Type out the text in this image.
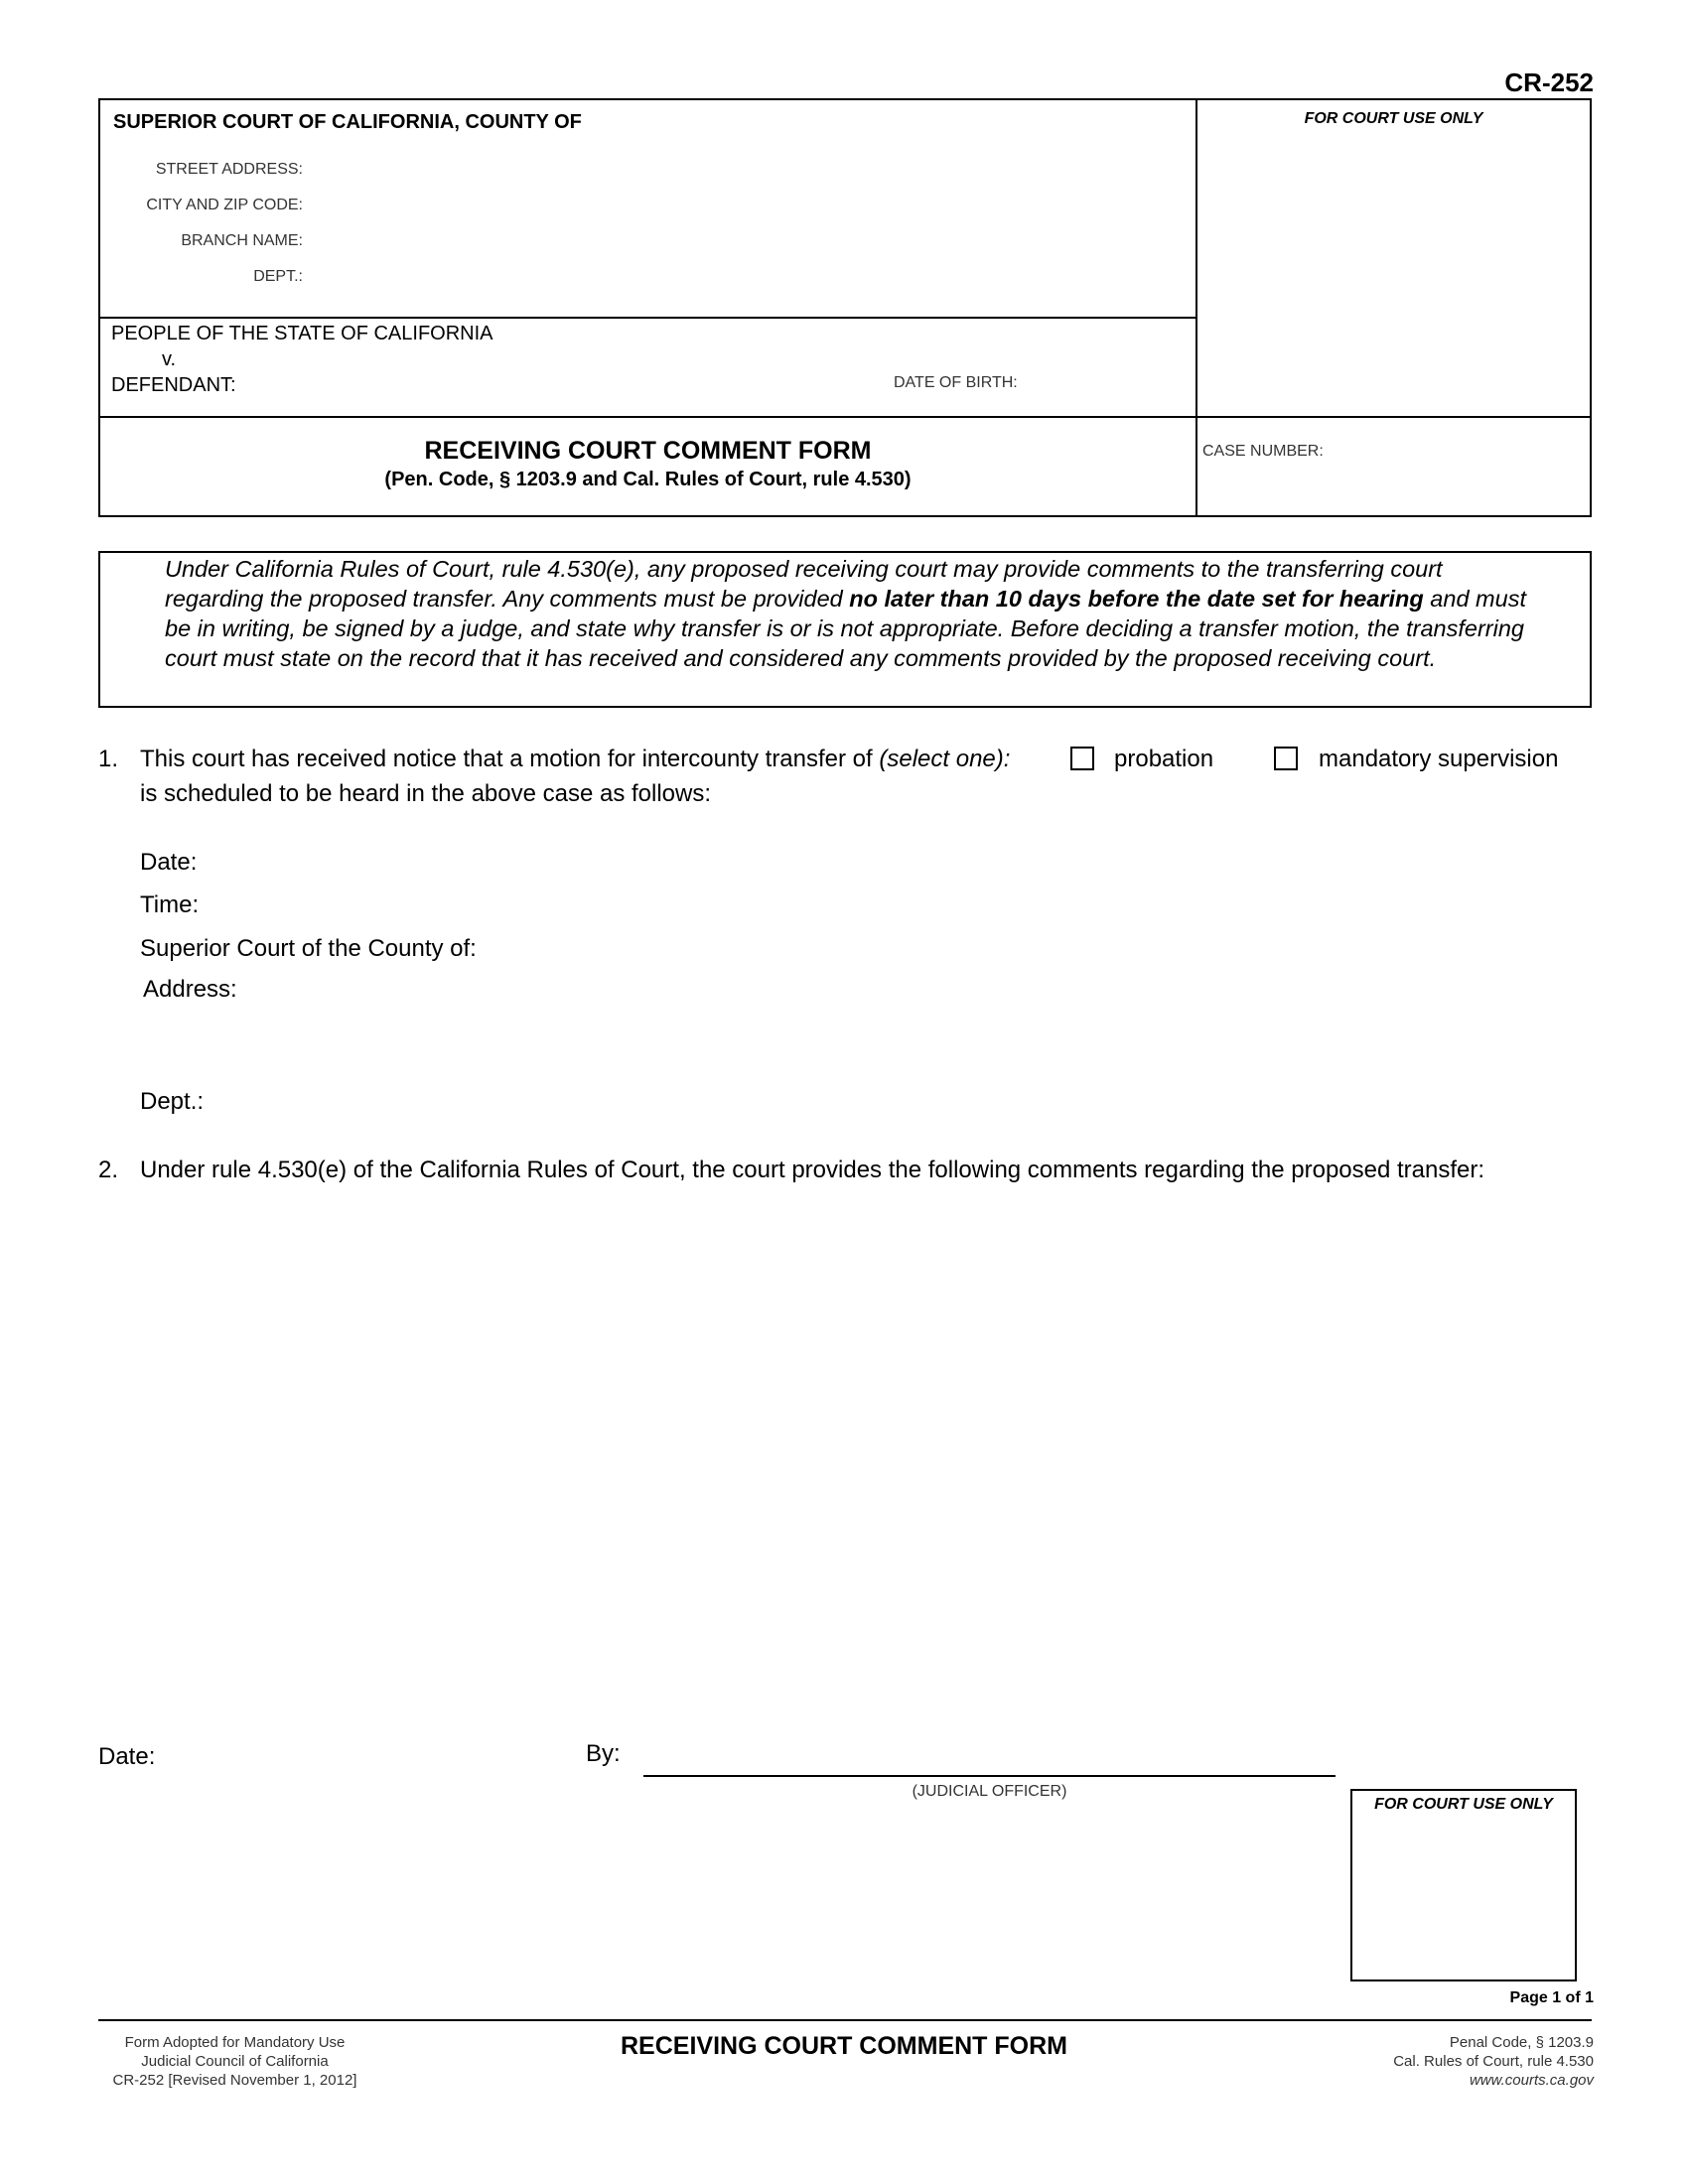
CR-252
SUPERIOR COURT OF CALIFORNIA, COUNTY OF
STREET ADDRESS:
CITY AND ZIP CODE:
BRANCH NAME:
DEPT.:
FOR COURT USE ONLY
PEOPLE OF THE STATE OF CALIFORNIA
v.
DEFENDANT:	DATE OF BIRTH:
RECEIVING COURT COMMENT FORM
(Pen. Code, § 1203.9 and Cal. Rules of Court, rule 4.530)
CASE NUMBER:
Under California Rules of Court, rule 4.530(e), any proposed receiving court may provide comments to the transferring court regarding the proposed transfer. Any comments must be provided no later than 10 days before the date set for hearing and must be in writing, be signed by a judge, and state why transfer is or is not appropriate. Before deciding a transfer motion, the transferring court must state on the record that it has received and considered any comments provided by the proposed receiving court.
1. This court has received notice that a motion for intercounty transfer of (select one):	probation	mandatory supervision
is scheduled to be heard in the above case as follows:
Date:
Time:
Superior Court of the County of:
Address:
Dept.:
2. Under rule 4.530(e) of the California Rules of Court, the court provides the following comments regarding the proposed transfer:
Date:	By:
(JUDICIAL OFFICER)
FOR COURT USE ONLY
Page 1 of 1
Form Adopted for Mandatory Use
Judicial Council of California
CR-252 [Revised November 1, 2012]
RECEIVING COURT COMMENT FORM	Penal Code, § 1203.9
Cal. Rules of Court, rule 4.530
www.courts.ca.gov
